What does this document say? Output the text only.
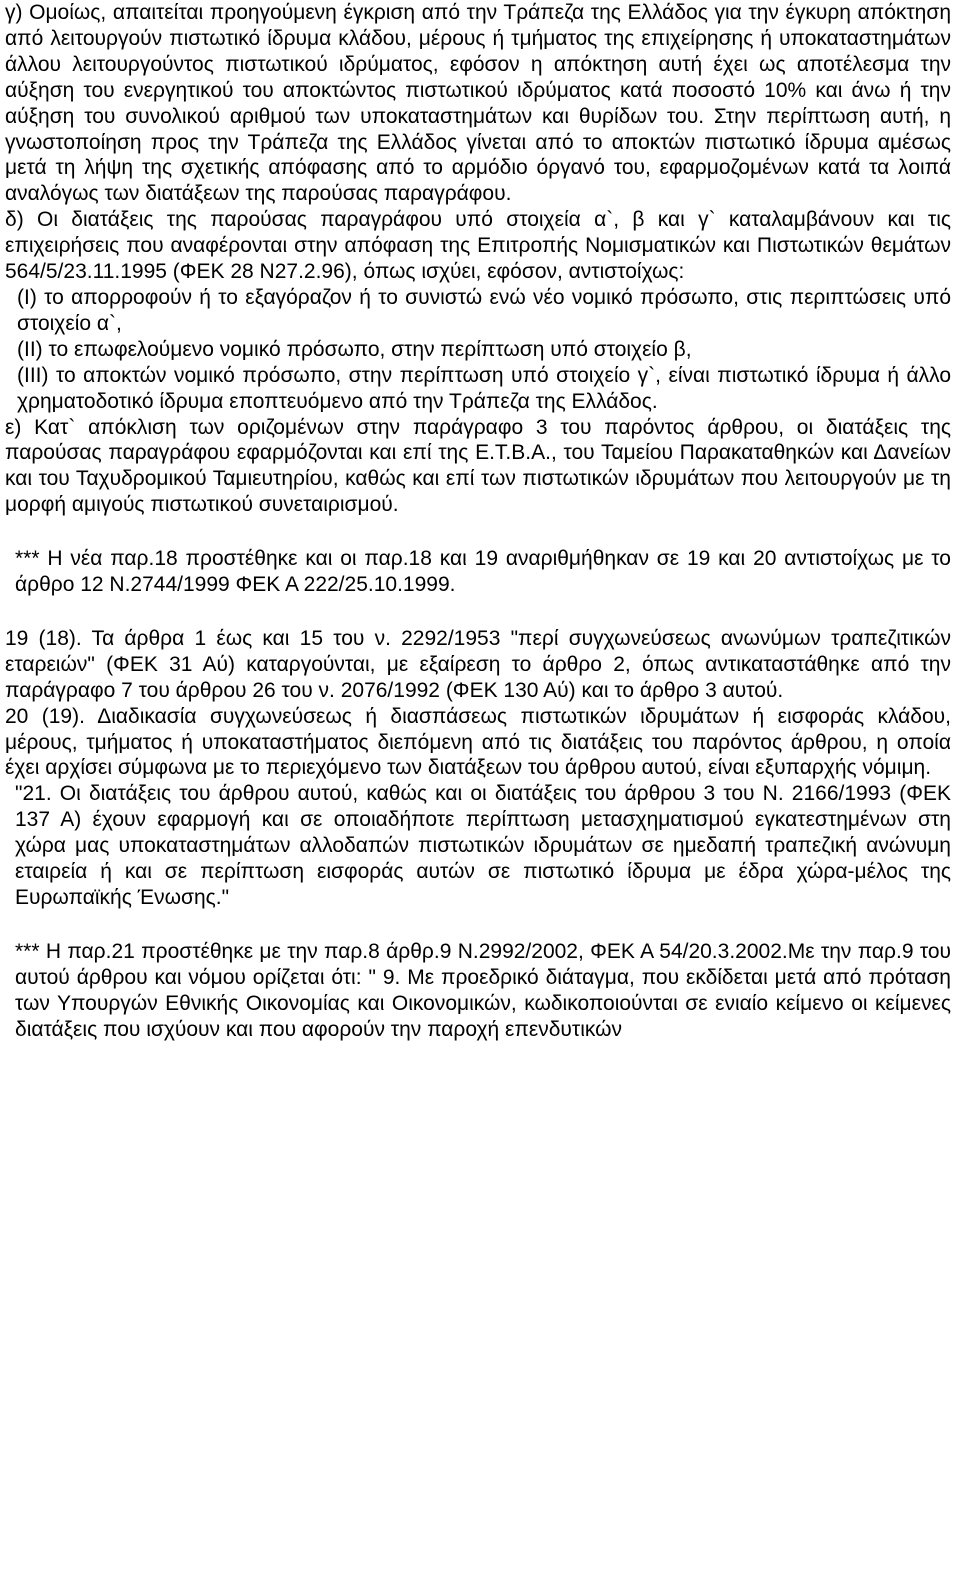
γ) Ομοίως, απαιτείται προηγούμενη έγκριση από την Τράπεζα της Ελλάδος για την έγκυρη απόκτηση από λειτουργούν πιστωτικό ίδρυμα κλάδου, μέρους ή τμήματος της επιχείρησης ή υποκαταστημάτων άλλου λειτουργούντος πιστωτικού ιδρύματος, εφόσον η απόκτηση αυτή έχει ως αποτέλεσμα την αύξηση του ενεργητικού του αποκτώντος πιστωτικού ιδρύματος κατά ποσοστό 10% και άνω ή την αύξηση του συνολικού αριθμού των υποκαταστημάτων και θυρίδων του. Στην περίπτωση αυτή, η γνωστοποίηση προς την Τράπεζα της Ελλάδος γίνεται από το αποκτών πιστωτικό ίδρυμα αμέσως μετά τη λήψη της σχετικής απόφασης από το αρμόδιο όργανό του, εφαρμοζομένων κατά τα λοιπά αναλόγως των διατάξεων της παρούσας παραγράφου.

δ) Οι διατάξεις της παρούσας παραγράφου υπό στοιχεία α`, β και γ` καταλαμβάνουν και τις επιχειρήσεις που αναφέρονται στην απόφαση της Επιτροπής Νομισματικών και Πιστωτικών θεμάτων 564/5/23.11.1995 (ΦΕΚ 28 Ν27.2.96), όπως ισχύει, εφόσον, αντιστοίχως:

(Ι) το απορροφούν ή το εξαγόραζον ή το συνιστώ ενώ νέο νομικό πρόσωπο, στις περιπτώσεις υπό στοιχείο α`,

(ΙΙ) το επωφελούμενο νομικό πρόσωπο, στην περίπτωση υπό στοιχείο β,

(ΙΙΙ) το αποκτών νομικό πρόσωπο, στην περίπτωση υπό στοιχείο γ`, είναι πιστωτικό ίδρυμα ή άλλο χρηματοδοτικό ίδρυμα εποπτευόμενο από την Τράπεζα της Ελλάδος.

ε) Κατ` απόκλιση των οριζομένων στην παράγραφο 3 του παρόντος άρθρου, οι διατάξεις της παρούσας παραγράφου εφαρμόζονται και επί της Ε.Τ.Β.Α., του Ταμείου Παρακαταθηκών και Δανείων και του Ταχυδρομικού Ταμιευτηρίου, καθώς και επί των πιστωτικών ιδρυμάτων που λειτουργούν με τη μορφή αμιγούς πιστωτικού συνεταιρισμού.

*** Η νέα παρ.18 προστέθηκε και οι παρ.18 και 19 αναριθμήθηκαν σε 19 και 20 αντιστοίχως με το άρθρο 12 Ν.2744/1999 ΦΕΚ Α 222/25.10.1999.

19 (18). Τα άρθρα 1 έως και 15 του ν. 2292/1953 "περί συγχωνεύσεως ανωνύμων τραπεζιτικών εταρειών" (ΦΕΚ 31 Αύ) καταργούνται, με εξαίρεση το άρθρο 2, όπως αντικαταστάθηκε από την παράγραφο 7 του άρθρου 26 του ν. 2076/1992 (ΦΕΚ 130 Αύ) και το άρθρο 3 αυτού.

20 (19). Διαδικασία συγχωνεύσεως ή διασπάσεως πιστωτικών ιδρυμάτων ή εισφοράς κλάδου, μέρους, τμήματος ή υποκαταστήματος διεπόμενη από τις διατάξεις του παρόντος άρθρου, η οποία έχει αρχίσει σύμφωνα με το περιεχόμενο των διατάξεων του άρθρου αυτού, είναι εξυπαρχής νόμιμη.

"21. Οι διατάξεις του άρθρου αυτού, καθώς και οι διατάξεις του άρθρου 3 του Ν. 2166/1993 (ΦΕΚ 137 Α) έχουν εφαρμογή και σε οποιαδήποτε περίπτωση μετασχηματισμού εγκατεστημένων στη χώρα μας υποκαταστημάτων αλλοδαπών πιστωτικών ιδρυμάτων σε ημεδαπή τραπεζική ανώνυμη εταιρεία ή και σε περίπτωση εισφοράς αυτών σε πιστωτικό ίδρυμα με έδρα χώρα-μέλος της Ευρωπαϊκής Ένωσης."

*** Η παρ.21 προστέθηκε με την παρ.8 άρθρ.9 Ν.2992/2002, ΦΕΚ Α 54/20.3.2002.Με την παρ.9 του αυτού άρθρου και νόμου ορίζεται ότι: " 9. Με προεδρικό διάταγμα, που εκδίδεται μετά από πρόταση των Υπουργών Εθνικής Οικονομίας και Οικονομικών, κωδικοποιούνται σε ενιαίο κείμενο οι κείμενες διατάξεις που ισχύουν και που αφορούν την παροχή επενδυτικών
